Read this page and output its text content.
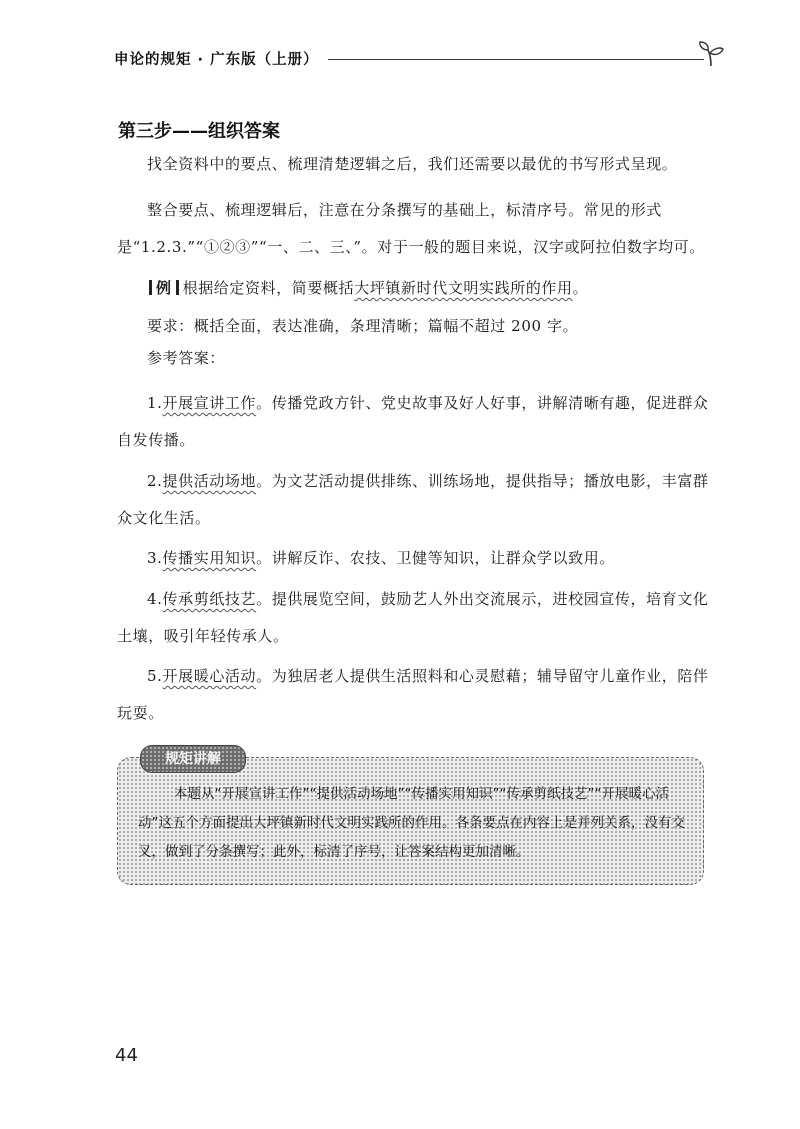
申论的规矩 · 广东版（上册）
第三步——组织答案

找全资料中的要点、梳理清楚逻辑之后，我们还需要以最优的书写形式呈现。

整合要点、梳理逻辑后，注意在分条撰写的基础上，标清序号。常见的形式是“1.2.3.”“①②③”“一、二、三、”。对于一般的题目来说，汉字或阿拉伯数字均可。

例 根据给定资料，简要概括大坪镇新时代文明实践所的作用。

要求：概括全面，表达准确，条理清晰；篇幅不超过 200 字。

参考答案：

1.开展宣讲工作。传播党政方针、党史故事及好人好事，讲解清晰有趣，促进群众自发传播。

2.提供活动场地。为文艺活动提供排练、训练场地，提供指导；播放电影，丰富群众文化生活。

3.传播实用知识。讲解反诈、农技、卫健等知识，让群众学以致用。

4.传承剪纸技艺。提供展览空间，鼓励艺人外出交流展示，进校园宣传，培育文化土壤，吸引年轻传承人。

5.开展暖心活动。为独居老人提供生活照料和心灵慰藉；辅导留守儿童作业，陪伴玩耍。

规矩讲解

本题从“开展宣讲工作”“提供活动场地”“传播实用知识”“传承剪纸技艺”“开展暖心活动”这五个方面提出大坪镇新时代文明实践所的作用。各条要点在内容上是并列关系，没有交叉，做到了分条撰写；此外，标清了序号，让答案结构更加清晰。

44
